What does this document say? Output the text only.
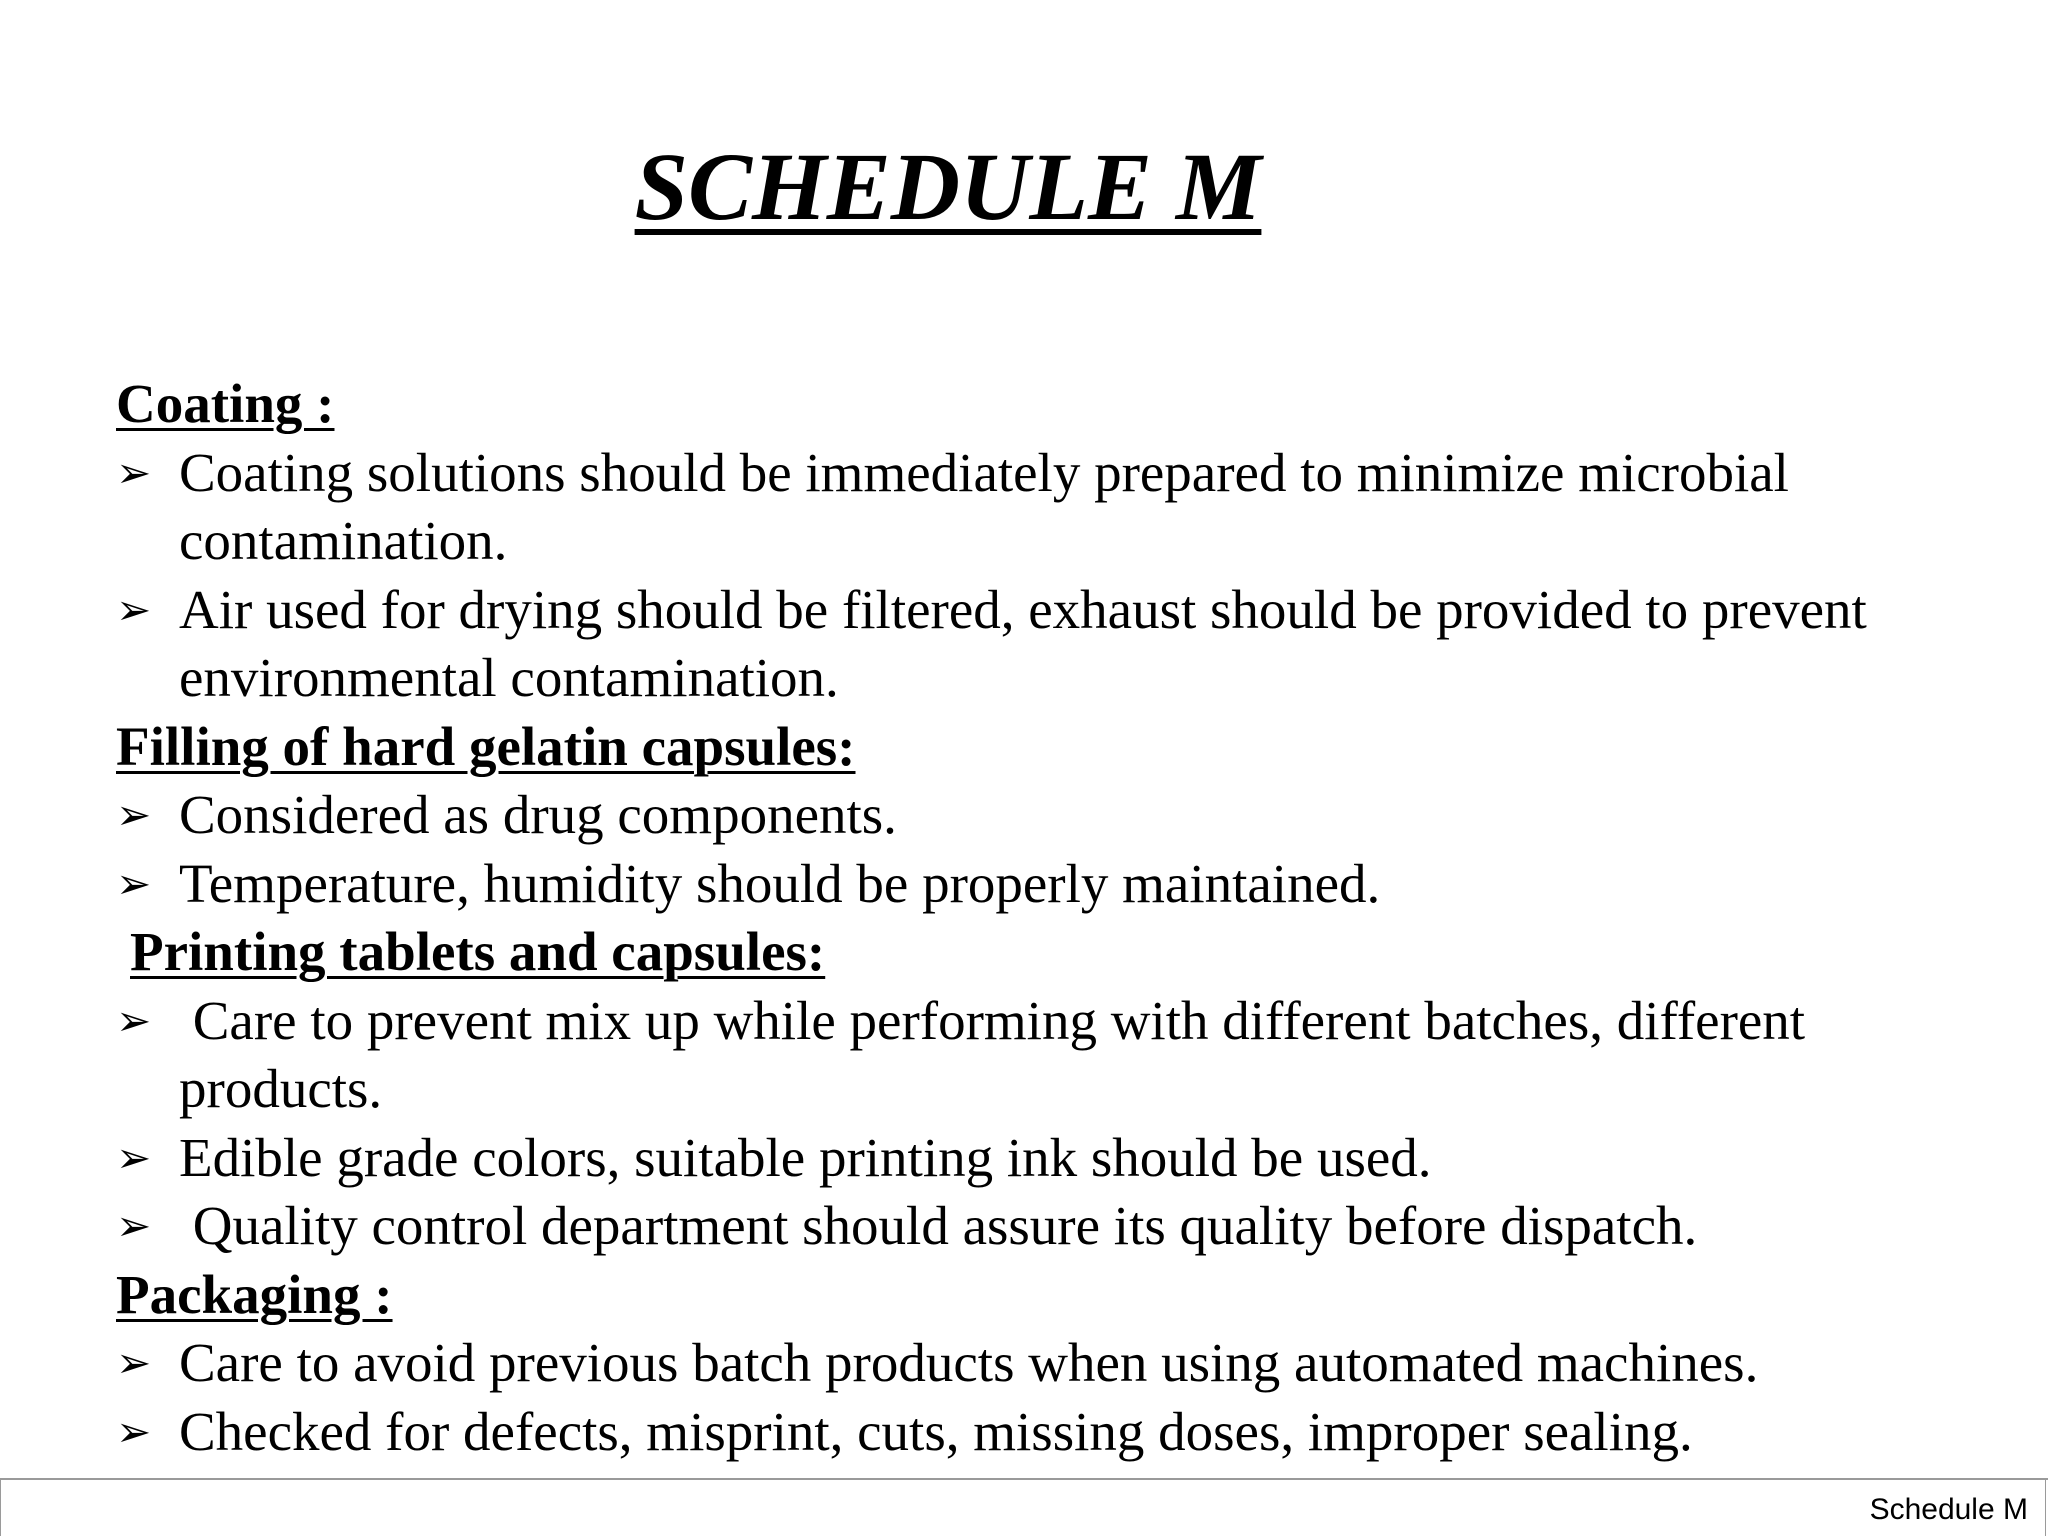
SCHEDULE M
Coating :
➢ Coating solutions should be immediately prepared to minimize microbial contamination.
➢ Air used for drying should be filtered, exhaust should be provided to prevent environmental contamination.
Filling of hard gelatin capsules:
➢ Considered as drug components.
➢ Temperature, humidity should be properly maintained.
Printing tablets and capsules:
➢ Care to prevent mix up while performing with different batches, different products.
➢ Edible grade colors, suitable printing ink should be used.
➢ Quality control department should assure its quality before dispatch.
Packaging :
➢ Care to avoid previous batch products when using automated machines.
➢ Checked for defects, misprint, cuts, missing doses, improper sealing.
Schedule M
